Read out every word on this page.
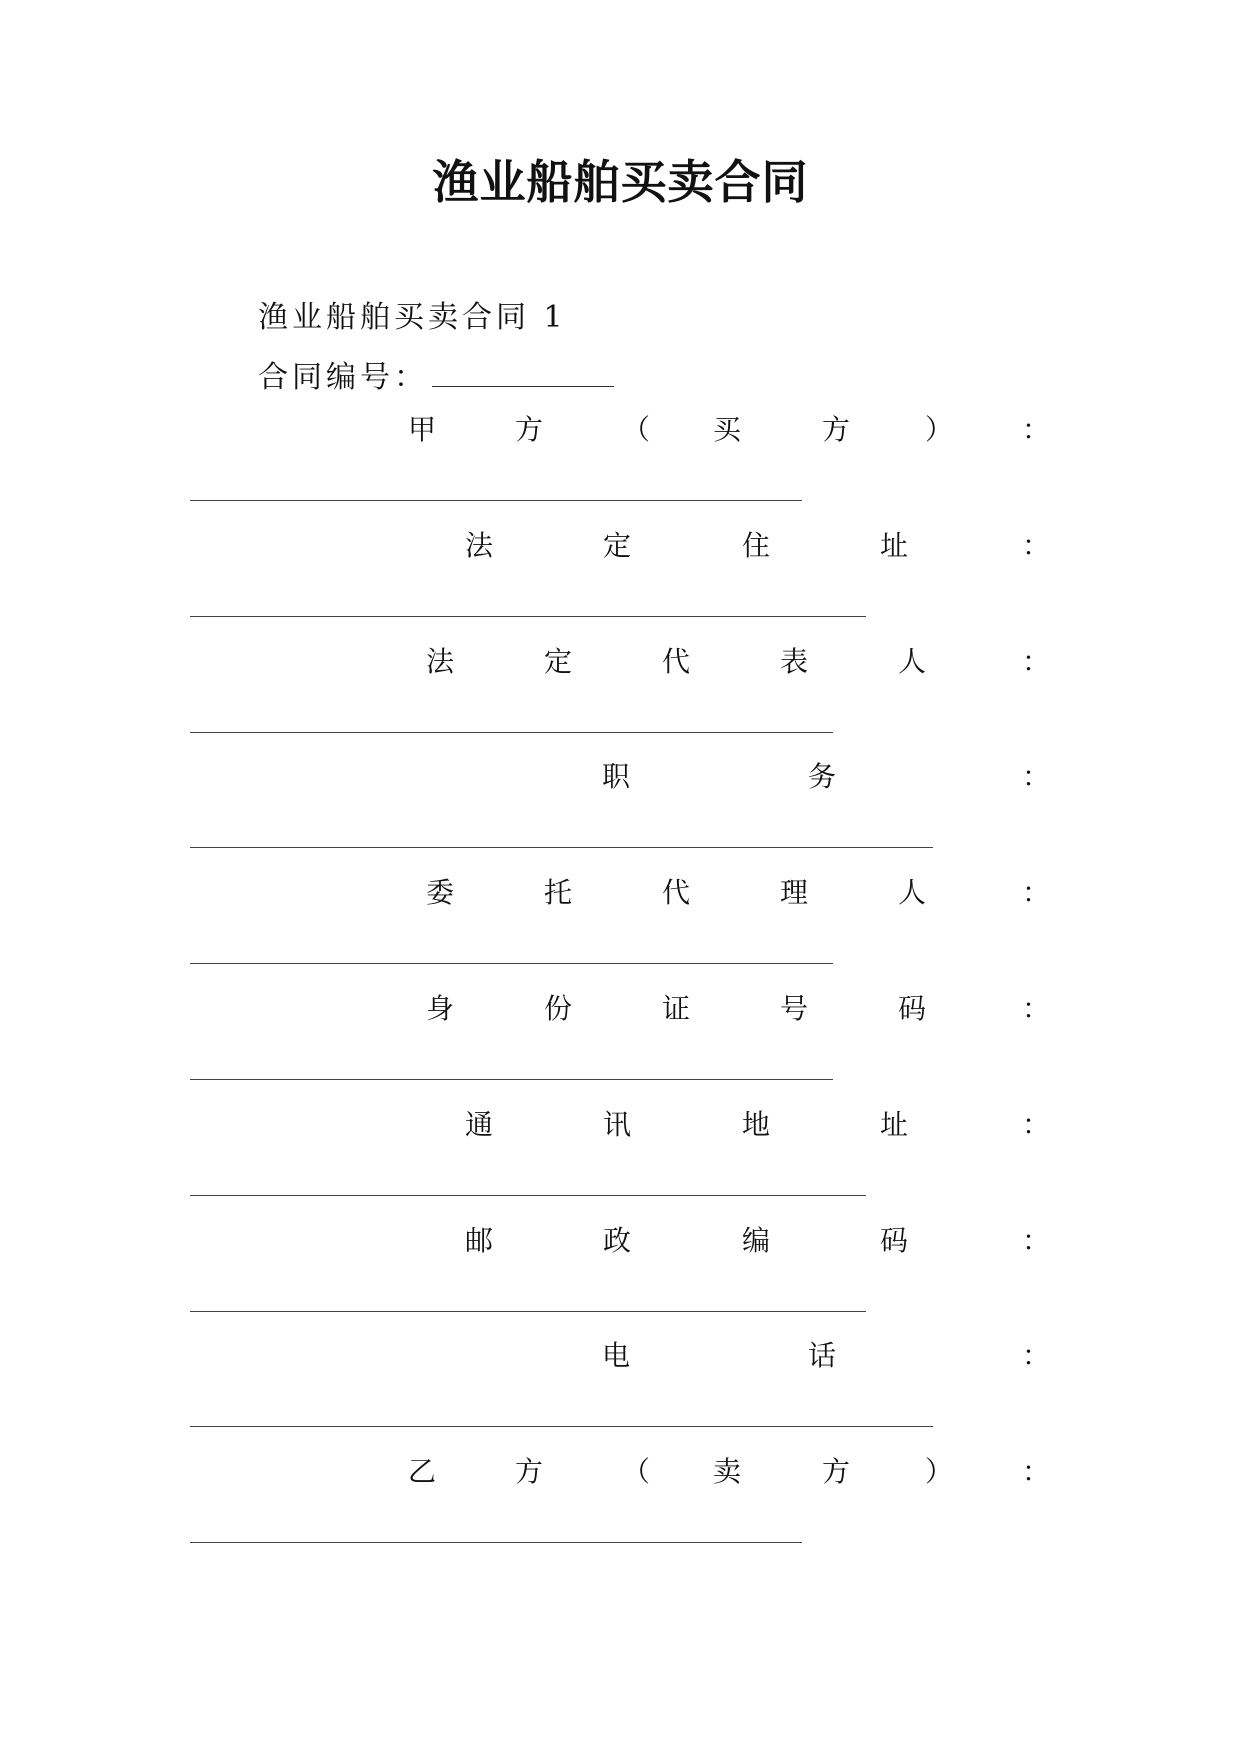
渔业船舶买卖合同
渔业船舶买卖合同 1
合同编号：
甲	方	（ 买	方	） ：
法	定	住	址	：
法	定	代	表	人	：
职	务	：
委	托	代	理	人	：
身	份	证	号	码	：
通	讯	地	址	：
邮	政	编	码	：
电	话	：
乙	方	（ 卖	方	） ：
